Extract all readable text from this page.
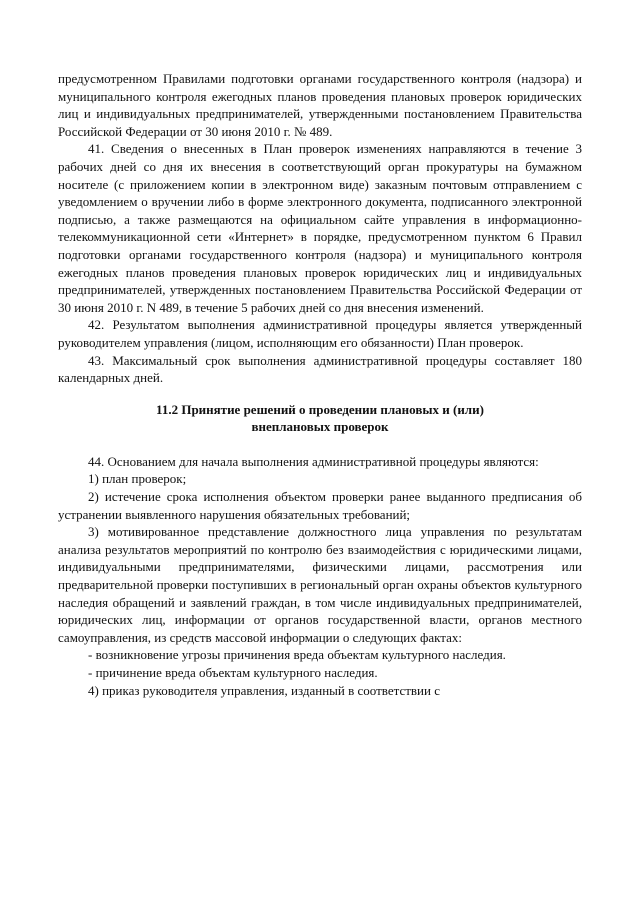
предусмотренном Правилами подготовки органами государственного контроля (надзора) и муниципального контроля ежегодных планов проведения плановых проверок юридических лиц и индивидуальных предпринимателей, утвержденными постановлением Правительства Российской Федерации от 30 июня 2010 г. № 489.

41. Сведения о внесенных в План проверок изменениях направляются в течение 3 рабочих дней со дня их внесения в соответствующий орган прокуратуры на бумажном носителе (с приложением копии в электронном виде) заказным почтовым отправлением с уведомлением о вручении либо в форме электронного документа, подписанного электронной подписью, а также размещаются на официальном сайте управления в информационно-телекоммуникационной сети «Интернет» в порядке, предусмотренном пунктом 6 Правил подготовки органами государственного контроля (надзора) и муниципального контроля ежегодных планов проведения плановых проверок юридических лиц и индивидуальных предпринимателей, утвержденных постановлением Правительства Российской Федерации от 30 июня 2010 г. N 489, в течение 5 рабочих дней со дня внесения изменений.

42. Результатом выполнения административной процедуры является утвержденный руководителем управления (лицом, исполняющим его обязанности) План проверок.

43. Максимальный срок выполнения административной процедуры составляет 180 календарных дней.

11.2 Принятие решений о проведении плановых и (или)
внеплановых проверок

44. Основанием для начала выполнения административной процедуры являются:

1) план проверок;

2) истечение срока исполнения объектом проверки ранее выданного предписания об устранении выявленного нарушения обязательных требований;

3) мотивированное представление должностного лица управления по результатам анализа результатов мероприятий по контролю без взаимодействия с юридическими лицами, индивидуальными предпринимателями, физическими лицами, рассмотрения или предварительной проверки поступивших в региональный орган охраны объектов культурного наследия обращений и заявлений граждан, в том числе индивидуальных предпринимателей, юридических лиц, информации от органов государственной власти, органов местного самоуправления, из средств массовой информации о следующих фактах:

- возникновение угрозы причинения вреда объектам культурного наследия.

- причинение вреда объектам культурного наследия.

4) приказ руководителя управления, изданный в соответствии с
